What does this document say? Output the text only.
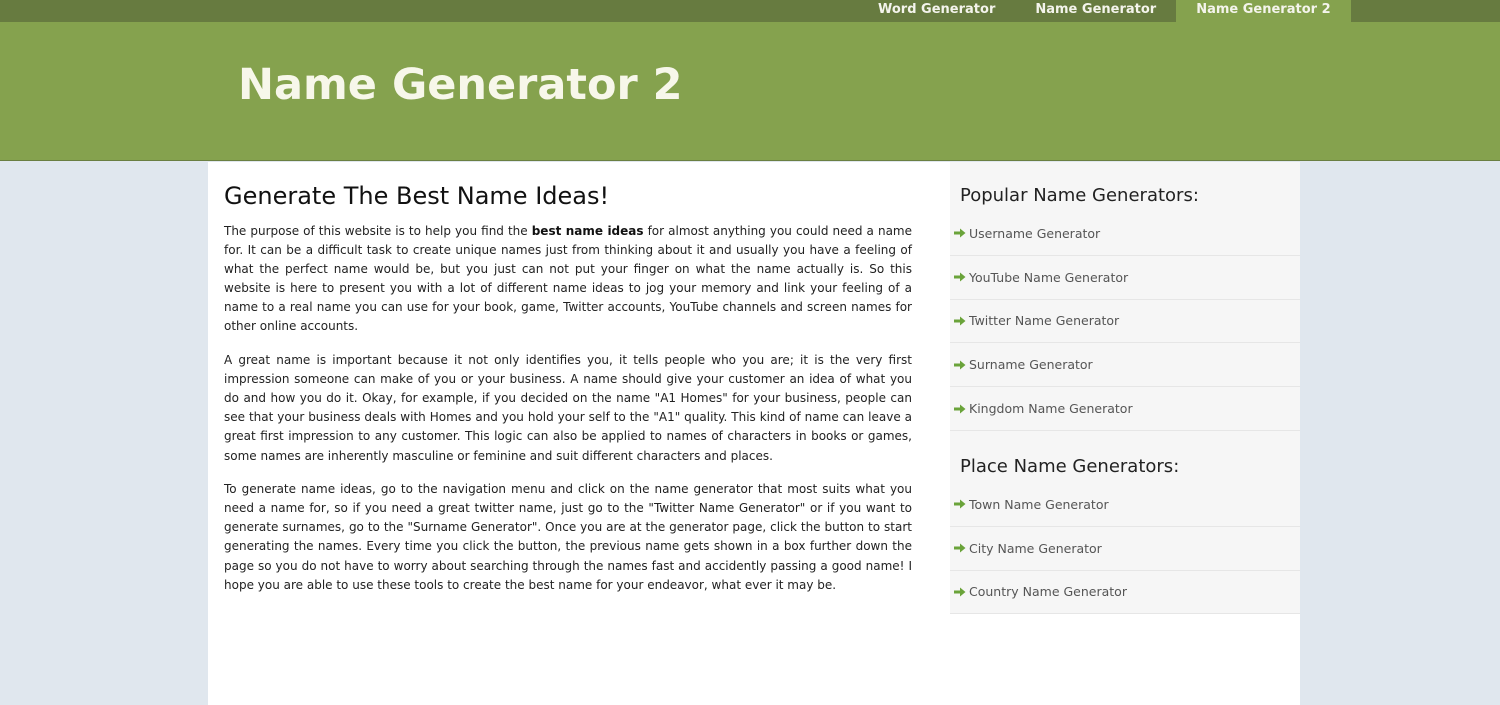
Word Generator	Name Generator	Name Generator 2
Name Generator 2
Generate The Best Name Ideas!

The purpose of this website is to help you find the best name ideas for almost anything you could need a name for. It can be a difficult task to create unique names just from thinking about it and usually you have a feeling of what the perfect name would be, but you just can not put your finger on what the name actually is. So this website is here to present you with a lot of different name ideas to jog your memory and link your feeling of a name to a real name you can use for your book, game, Twitter accounts, YouTube channels and screen names for other online accounts.

A great name is important because it not only identifies you, it tells people who you are; it is the very first impression someone can make of you or your business. A name should give your customer an idea of what you do and how you do it. Okay, for example, if you decided on the name "A1 Homes" for your business, people can see that your business deals with Homes and you hold your self to the "A1" quality. This kind of name can leave a great first impression to any customer. This logic can also be applied to names of characters in books or games, some names are inherently masculine or feminine and suit different characters and places.

To generate name ideas, go to the navigation menu and click on the name generator that most suits what you need a name for, so if you need a great twitter name, just go to the "Twitter Name Generator" or if you want to generate surnames, go to the "Surname Generator". Once you are at the generator page, click the button to start generating the names. Every time you click the button, the previous name gets shown in a box further down the page so you do not have to worry about searching through the names fast and accidently passing a good name! I hope you are able to use these tools to create the best name for your endeavor, what ever it may be.

Popular Name Generators:
Username Generator
YouTube Name Generator
Twitter Name Generator
Surname Generator
Kingdom Name Generator
Place Name Generators:
Town Name Generator
City Name Generator
Country Name Generator
